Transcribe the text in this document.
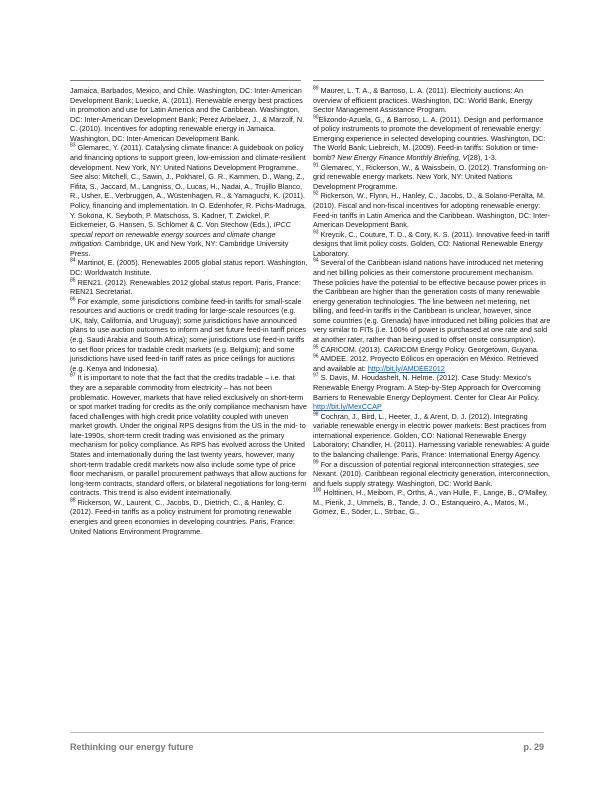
Jamaica, Barbados, Mexico, and Chile. Washington, DC: Inter-American Development Bank; Luecke, A. (2011). Renewable energy best practices in promotion and use for Latin America and the Caribbean. Washington, DC: Inter-American Development Bank; Perez Arbelaez, J., & Marzolf, N. C. (2010). Incentives for adopting renewable energy in Jamaica. Washington, DC: Inter-American Development Bank.

$^{83}$ Glemarec, Y. (2011). Catalysing climate finance: A guidebook on policy and financing options to support green, low-emission and climate-resilient development. New York, NY: United Nations Development Programme. See also: Mitchell, C., Sawin, J., Pokharel, G. R., Kammen, D., Wang, Z., Fifita, S., Jaccard, M., Langniss, O., Lucas, H., Nadai, A., Trujillo Blanco, R., Usher, E., Verbruggen, A., Wüstenhagen, R., & Yamaguchi, K. (2011). Policy, financing and implementation. In O. Edenhofer, R. Pichs-Madruga, Y. Sokona, K. Seyboth, P. Matschoss, S. Kadner, T. Zwickel, P. Eickemeier, G. Hansen, S. Schlömer & C. Von Stechow (Eds.), IPCC special report on renewable energy sources and climate change mitigation. Cambridge, UK and New York, NY: Cambridge University Press.

$^{84}$ Martinot, E. (2005). Renewables 2005 global status report. Washington, DC: Worldwatch Institute.

$^{85}$ REN21. (2012). Renewables 2012 global status report. Paris, France: REN21 Secretariat.

$^{86}$ For example, some jurisdictions combine feed-in tariffs for small-scale resources and auctions or credit trading for large-scale resources (e.g. UK, Italy, California, and Uruguay); some jurisdictions have announced plans to use auction outcomes to inform and set future feed-in tariff prices (e.g. Saudi Arabia and South Africa); some jurisdictions use feed-in tariffs to set floor prices for tradable credit markets (e.g. Belgium); and some jurisdictions have used feed-in tariff rates as price ceilings for auctions (e.g. Kenya and Indonesia).

$^{87}$ It is important to note that the fact that the credits tradable – i.e. that they are a separable commodity from electricity – has not been problematic. However, markets that have relied exclusively on short-term or spot market trading for credits as the only compliance mechanism have faced challenges with high credit price volatility coupled with uneven market growth. Under the original RPS designs from the US in the mid- to late-1990s, short-term credit trading was envisioned as the primary mechanism for policy compliance. As RPS has evolved across the United States and internationally during the last twenty years, however, many short-term tradable credit markets now also include some type of price floor mechanism, or parallel procurement pathways that allow auctions for long-term contracts, standard offers, or bilateral negotiations for long-term contracts. This trend is also evident internationally.

$^{88}$ Rickerson, W., Laurent, C., Jacobs, D., Dietrich, C., & Hanley, C. (2012). Feed-in tariffs as a policy instrument for promoting renewable energies and green economies in developing countries. Paris, France: United Nations Environment Programme.

$^{89}$ Maurer, L. T. A., & Barroso, L. A. (2011). Electricity auctions: An overview of efficient practices. Washington, DC: World Bank, Energy Sector Management Assistance Program.

$^{90}$Elizondo-Azuela, G., & Barroso, L. A. (2011). Design and performance of policy instruments to promote the development of renewable energy: Emerging experience in selected developing countries. Washington, DC: The World Bank; Liebreich, M. (2009). Feed-in tariffs: Solution or time-bomb? New Energy Finance Monthly Briefing, V(28), 1-3.

$^{91}$ Glemarec, Y., Rickerson, W., & Waissbein, O. (2012). Transforming on-grid renewable energy markets. New York, NY: United Nations Development Programme.

$^{92}$ Rickerson, W., Flynn, H., Hanley, C., Jacobs, D., & Solano-Peralta, M. (2010). Fiscal and non-fiscal incentives for adopting renewable energy: Feed-in tariffs in Latin America and the Caribbean. Washington, DC: Inter-American Development Bank.

$^{93}$ Kreycik, C., Couture, T. D., & Cory, K. S. (2011). Innovative feed-in tariff designs that limit policy costs. Golden, CO: National Renewable Energy Laboratory.

$^{94}$ Several of the Caribbean island nations have introduced net metering and net billing policies as their cornerstone procurement mechanism. These policies have the potential to be effective because power prices in the Caribbean are higher than the generation costs of many renewable energy generation technologies. The line between net metering, net billing, and feed-in tariffs in the Caribbean is unclear, however, since some countries (e.g. Grenada) have introduced net billing policies that are very similar to FITs (i.e. 100% of power is purchased at one rate and sold at another rater, rather than being used to offset onsite consumption).

$^{95}$ CARICOM. (2013). CARICOM Energy Policy. Georgetown, Guyana.

$^{96}$ AMDEE. 2012. Proyecto Eólicos en operación en México. Retrieved and available at: http://bit.ly/AMDEE2012

$^{97}$ S. Davis, M. Houdashelt, N. Helme. (2012). Case Study: Mexico's Renewable Energy Program. A Step-by-Step Approach for Overcoming Barriers to Renewable Energy Deployment. Center for Clear Air Policy. http://bit.ly/MexCCAP

$^{98}$ Cochran, J., Bird, L., Heeter, J., & Arent, D. J. (2012). Integrating variable renewable energy in electric power markets: Best practices from international experience. Golden, CO: National Renewable Energy Laboratory; Chandler, H. (2011). Harnessing variable renewables: A guide to the balancing challenge. Paris, France: International Energy Agency.

$^{99}$ For a discussion of potential regional interconnection strategies, see Nexant. (2010). Caribbean regional electricity generation, interconnection, and fuels supply strategy. Washington, DC: World Bank.

$^{100}$ Holttinen, H., Meibom, P., Orths, A., van Hulle, F., Lange, B., O'Malley, M., Pierik, J., Ummels, B., Tande, J. O., Estanqueiro, A., Matos, M., Gomez, E., Söder, L., Strbac, G.,

Rethinking our energy future	p. 29
